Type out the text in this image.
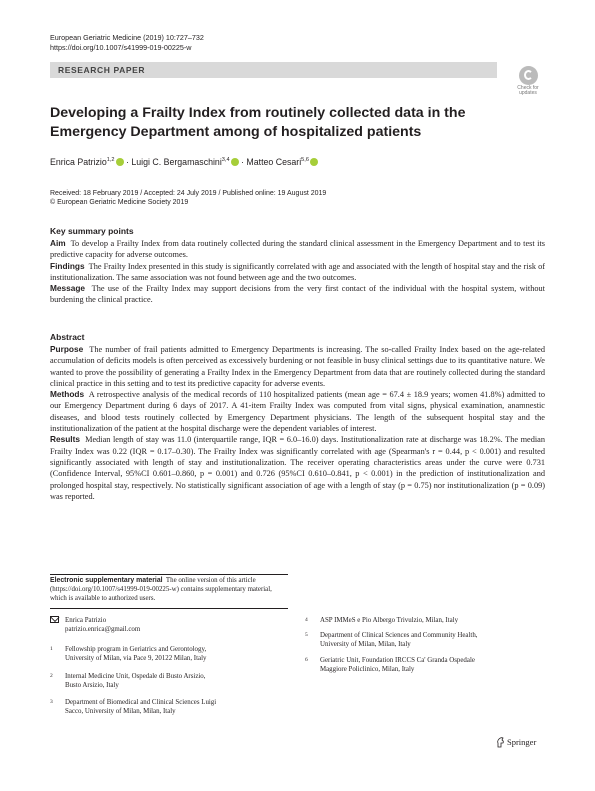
European Geriatric Medicine (2019) 10:727–732
https://doi.org/10.1007/s41999-019-00225-w
RESEARCH PAPER
Check for
updates
Developing a Frailty Index from routinely collected data in the Emergency Department among of hospitalized patients
Enrica Patrizio$^{1,2}$ · Luigi C. Bergamaschini$^{3,4}$ · Matteo Cesari$^{5,6}$
Received: 18 February 2019 / Accepted: 24 July 2019 / Published online: 19 August 2019
© European Geriatric Medicine Society 2019
Key summary points

Aim To develop a Frailty Index from data routinely collected during the standard clinical assessment in the Emergency Department and to test its predictive capacity for adverse outcomes.

Findings The Frailty Index presented in this study is significantly correlated with age and associated with the length of hospital stay and the risk of institutionalization. The same association was not found between age and the two outcomes.

Message The use of the Frailty Index may support decisions from the very first contact of the individual with the hospital system, without burdening the clinical practice.

Abstract

Purpose The number of frail patients admitted to Emergency Departments is increasing. The so-called Frailty Index based on the age-related accumulation of deficits models is often perceived as excessively burdening or not feasible in busy clinical settings due to its quantitative nature. We wanted to prove the possibility of generating a Frailty Index in the Emergency Department from data that are routinely collected during the standard clinical practice in this setting and to test its predictive capacity for adverse events.

Methods A retrospective analysis of the medical records of 110 hospitalized patients (mean age = 67.4 ± 18.9 years; women 41.8%) admitted to our Emergency Department during 6 days of 2017. A 41-item Frailty Index was computed from vital signs, physical examination, anamnestic diseases, and blood tests routinely collected by Emergency Department physicians. The length of the subsequent hospital stay and the institutionalization of the patient at the hospital discharge were the dependent variables of interest.

Results Median length of stay was 11.0 (interquartile range, IQR = 6.0–16.0) days. Institutionalization rate at discharge was 18.2%. The median Frailty Index was 0.22 (IQR = 0.17–0.30). The Frailty Index was significantly correlated with age (Spearman's r = 0.44, p < 0.001) and resulted significantly associated with length of stay and institutionalization. The receiver operating characteristics areas under the curve were 0.731 (Confidence Interval, 95%CI 0.601–0.860, p = 0.001) and 0.726 (95%CI 0.610–0.841, p < 0.001) in the prediction of institutionalization and prolonged hospital stay, respectively. No statistically significant association of age with a length of stay (p = 0.75) nor institutionalization (p = 0.09) was reported.

Electronic supplementary material The online version of this article (https://doi.org/10.1007/s41999-019-00225-w) contains supplementary material, which is available to authorized users.
Enrica Patrizio
patrizio.enrica@gmail.com
1 Fellowship program in Geriatrics and Gerontology,
University of Milan, via Pace 9, 20122 Milan, Italy
2 Internal Medicine Unit, Ospedale di Busto Arsizio,
Busto Arsizio, Italy
3 Department of Biomedical and Clinical Sciences Luigi
Sacco, University of Milan, Milan, Italy
4 ASP IMMeS e Pio Albergo Trivulzio, Milan, Italy
5 Department of Clinical Sciences and Community Health,
University of Milan, Milan, Italy
6 Geriatric Unit, Foundation IRCCS Ca' Granda Ospedale
Maggiore Policlinico, Milan, Italy
Springer
